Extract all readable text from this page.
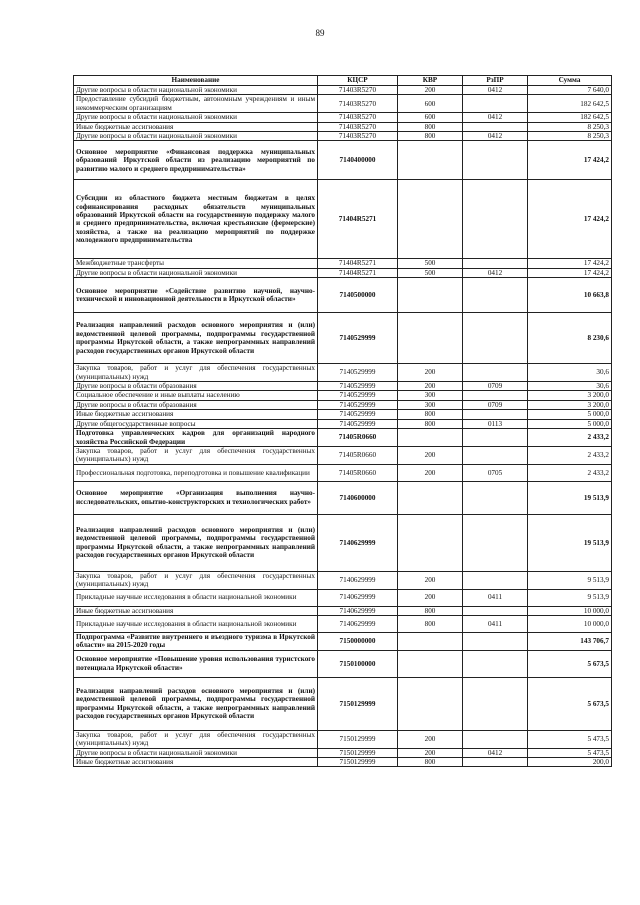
89
Наименование	КЦСР	КВР	РзПР	Сумма
Другие вопросы в области национальной экономики	71403R5270	200	0412	7 640,0
Предоставление субсидий бюджетным, автономным учреждениям и иным некоммерческим организациям	71403R5270	600		182 642,5
Другие вопросы в области национальной экономики	71403R5270	600	0412	182 642,5
Иные бюджетные ассигнования	71403R5270	800		8 250,3
Другие вопросы в области национальной экономики	71403R5270	800	0412	8 250,3
Основное мероприятие «Финансовая поддержка муниципальных образований Иркутской области из реализацию мероприятий по развитию малого и среднего предпринимательства»	7140400000			17 424,2
Субсидии из областного бюджета местным бюджетам в целях софинансирования расходных обязательств муниципальных образований Иркутской области на государственную поддержку малого и среднего предпринимательства, включая крестьянские (фермерские) хозяйства, а также на реализацию мероприятий по поддержке молодежного предпринимательства	71404R5271			17 424,2
Межбюджетные трансферты	71404R5271	500		17 424,2
Другие вопросы в области национальной экономики	71404R5271	500	0412	17 424,2
Основное мероприятие «Содействие развитию научной, научно-технической и инновационной деятельности в Иркутской области»	7140500000			10 663,8
Реализация направлений расходов основного мероприятия и (или) ведомственной целевой программы, подпрограммы государственной программы Иркутской области, а также непрограммных направлений расходов государственных органов Иркутской области	7140529999			8 230,6
Закупка товаров, работ и услуг для обеспечения государственных (муниципальных) нужд	7140529999	200		30,6
Другие вопросы в области образования	7140529999	200	0709	30,6
Социальное обеспечение и иные выплаты населению	7140529999	300		3 200,0
Другие вопросы в области образования	7140529999	300	0709	3 200,0
Иные бюджетные ассигнования	7140529999	800		5 000,0
Другие общегосударственные вопросы	7140529999	800	0113	5 000,0
Подготовка управленческих кадров для организаций народного хозяйства Российской Федерации	71405R0660			2 433,2
Закупка товаров, работ и услуг для обеспечения государственных (муниципальных) нужд	71405R0660	200		2 433,2
Профессиональная подготовка, переподготовка и повышение квалификации	71405R0660	200	0705	2 433,2
Основное мероприятие «Организация выполнения научно-исследовательских, опытно-конструкторских и технологических работ»	7140600000			19 513,9
Реализация направлений расходов основного мероприятия и (или) ведомственной целевой программы, подпрограммы государственной программы Иркутской области, а также непрограммных направлений расходов государственных органов Иркутской области	7140629999			19 513,9
Закупка товаров, работ и услуг для обеспечения государственных (муниципальных) нужд	7140629999	200		9 513,9
Прикладные научные исследования в области национальной экономики	7140629999	200	0411	9 513,9
Иные бюджетные ассигнования	7140629999	800		10 000,0
Прикладные научные исследования в области национальной экономики	7140629999	800	0411	10 000,0
Подпрограмма «Развитие внутреннего и въездного туризма в Иркутской области» на 2015-2020 годы	7150000000			143 706,7
Основное мероприятие «Повышение уровня использования туристского потенциала Иркутской области»	7150100000			5 673,5
Реализация направлений расходов основного мероприятия и (или) ведомственной целевой программы, подпрограммы государственной программы Иркутской области, а также непрограммных направлений расходов государственных органов Иркутской области	7150129999			5 673,5
Закупка товаров, работ и услуг для обеспечения государственных (муниципальных) нужд	7150129999	200		5 473,5
Другие вопросы в области национальной экономики	7150129999	200	0412	5 473,5
Иные бюджетные ассигнования	7150129999	800		200,0
